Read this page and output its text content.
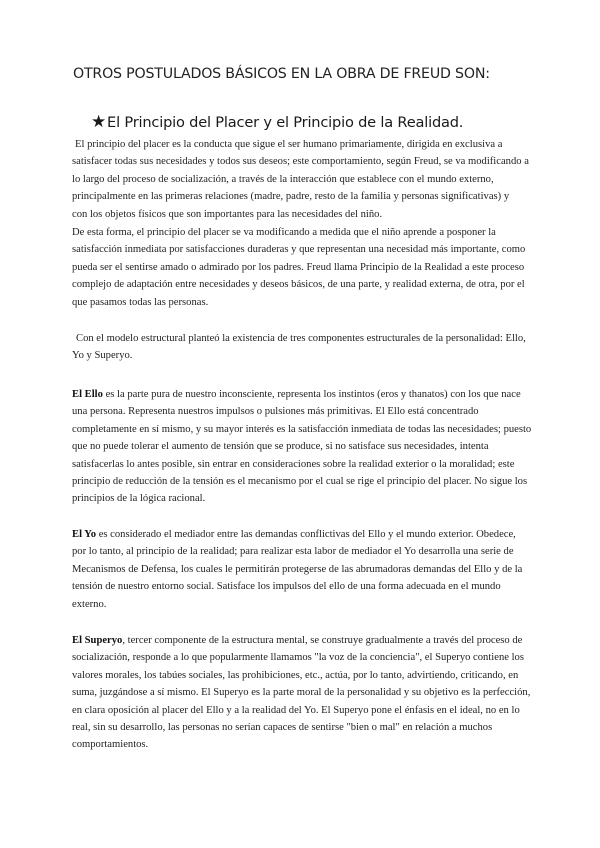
OTROS POSTULADOS BÁSICOS EN LA OBRA DE FREUD SON:
★El Principio del Placer y el Principio de la Realidad.

El principio del placer es la conducta que sigue el ser humano primariamente, dirigida en exclusiva a satisfacer todas sus necesidades y todos sus deseos; este comportamiento, según Freud, se va modificando a lo largo del proceso de socialización, a través de la interacción que establece con el mundo externo, principalmente en las primeras relaciones (madre, padre, resto de la familia y personas significativas) y

con los objetos físicos que son importantes para las necesidades del niño.

De esta forma, el principio del placer se va modificando a medida que el niño aprende a posponer la satisfacción inmediata por satisfacciones duraderas y que representan una necesidad más importante, como pueda ser el sentirse amado o admirado por los padres. Freud llama Principio de la Realidad a este proceso complejo de adaptación entre necesidades y deseos básicos, de una parte, y realidad externa, de otra, por el que pasamos todas las personas.

Con el modelo estructural planteó la existencia de tres componentes estructurales de la personalidad: Ello, Yo y Superyo.

El Ello es la parte pura de nuestro inconsciente, representa los instintos (eros y thanatos) con los que nace una persona. Representa nuestros impulsos o pulsiones más primitivas. El Ello está concentrado completamente en sí mismo, y su mayor interés es la satisfacción inmediata de todas las necesidades; puesto que no puede tolerar el aumento de tensión que se produce, si no satisface sus necesidades, intenta satisfacerlas lo antes posible, sin entrar en consideraciones sobre la realidad exterior o la moralidad; este principio de reducción de la tensión es el mecanismo por el cual se rige el principio del placer. No sigue los principios de la lógica racional.

El Yo es considerado el mediador entre las demandas conflictivas del Ello y el mundo exterior. Obedece, por lo tanto, al principio de la realidad; para realizar esta labor de mediador el Yo desarrolla una serie de Mecanismos de Defensa, los cuales le permitirán protegerse de las abrumadoras demandas del Ello y de la tensión de nuestro entorno social. Satisface los impulsos del ello de una forma adecuada en el mundo externo.

El Superyo, tercer componente de la estructura mental, se construye gradualmente a través del proceso de socialización, responde a lo que popularmente llamamos "la voz de la conciencia", el Superyo contiene los valores morales, los tabúes sociales, las prohibiciones, etc., actúa, por lo tanto, advirtiendo, criticando, en suma, juzgándose a sí mismo. El Superyo es la parte moral de la personalidad y su objetivo es la perfección, en clara oposición al placer del Ello y a la realidad del Yo. El Superyo pone el énfasis en el ideal, no en lo real, sin su desarrollo, las personas no serían capaces de sentirse "bien o mal" en relación a muchos comportamientos.
